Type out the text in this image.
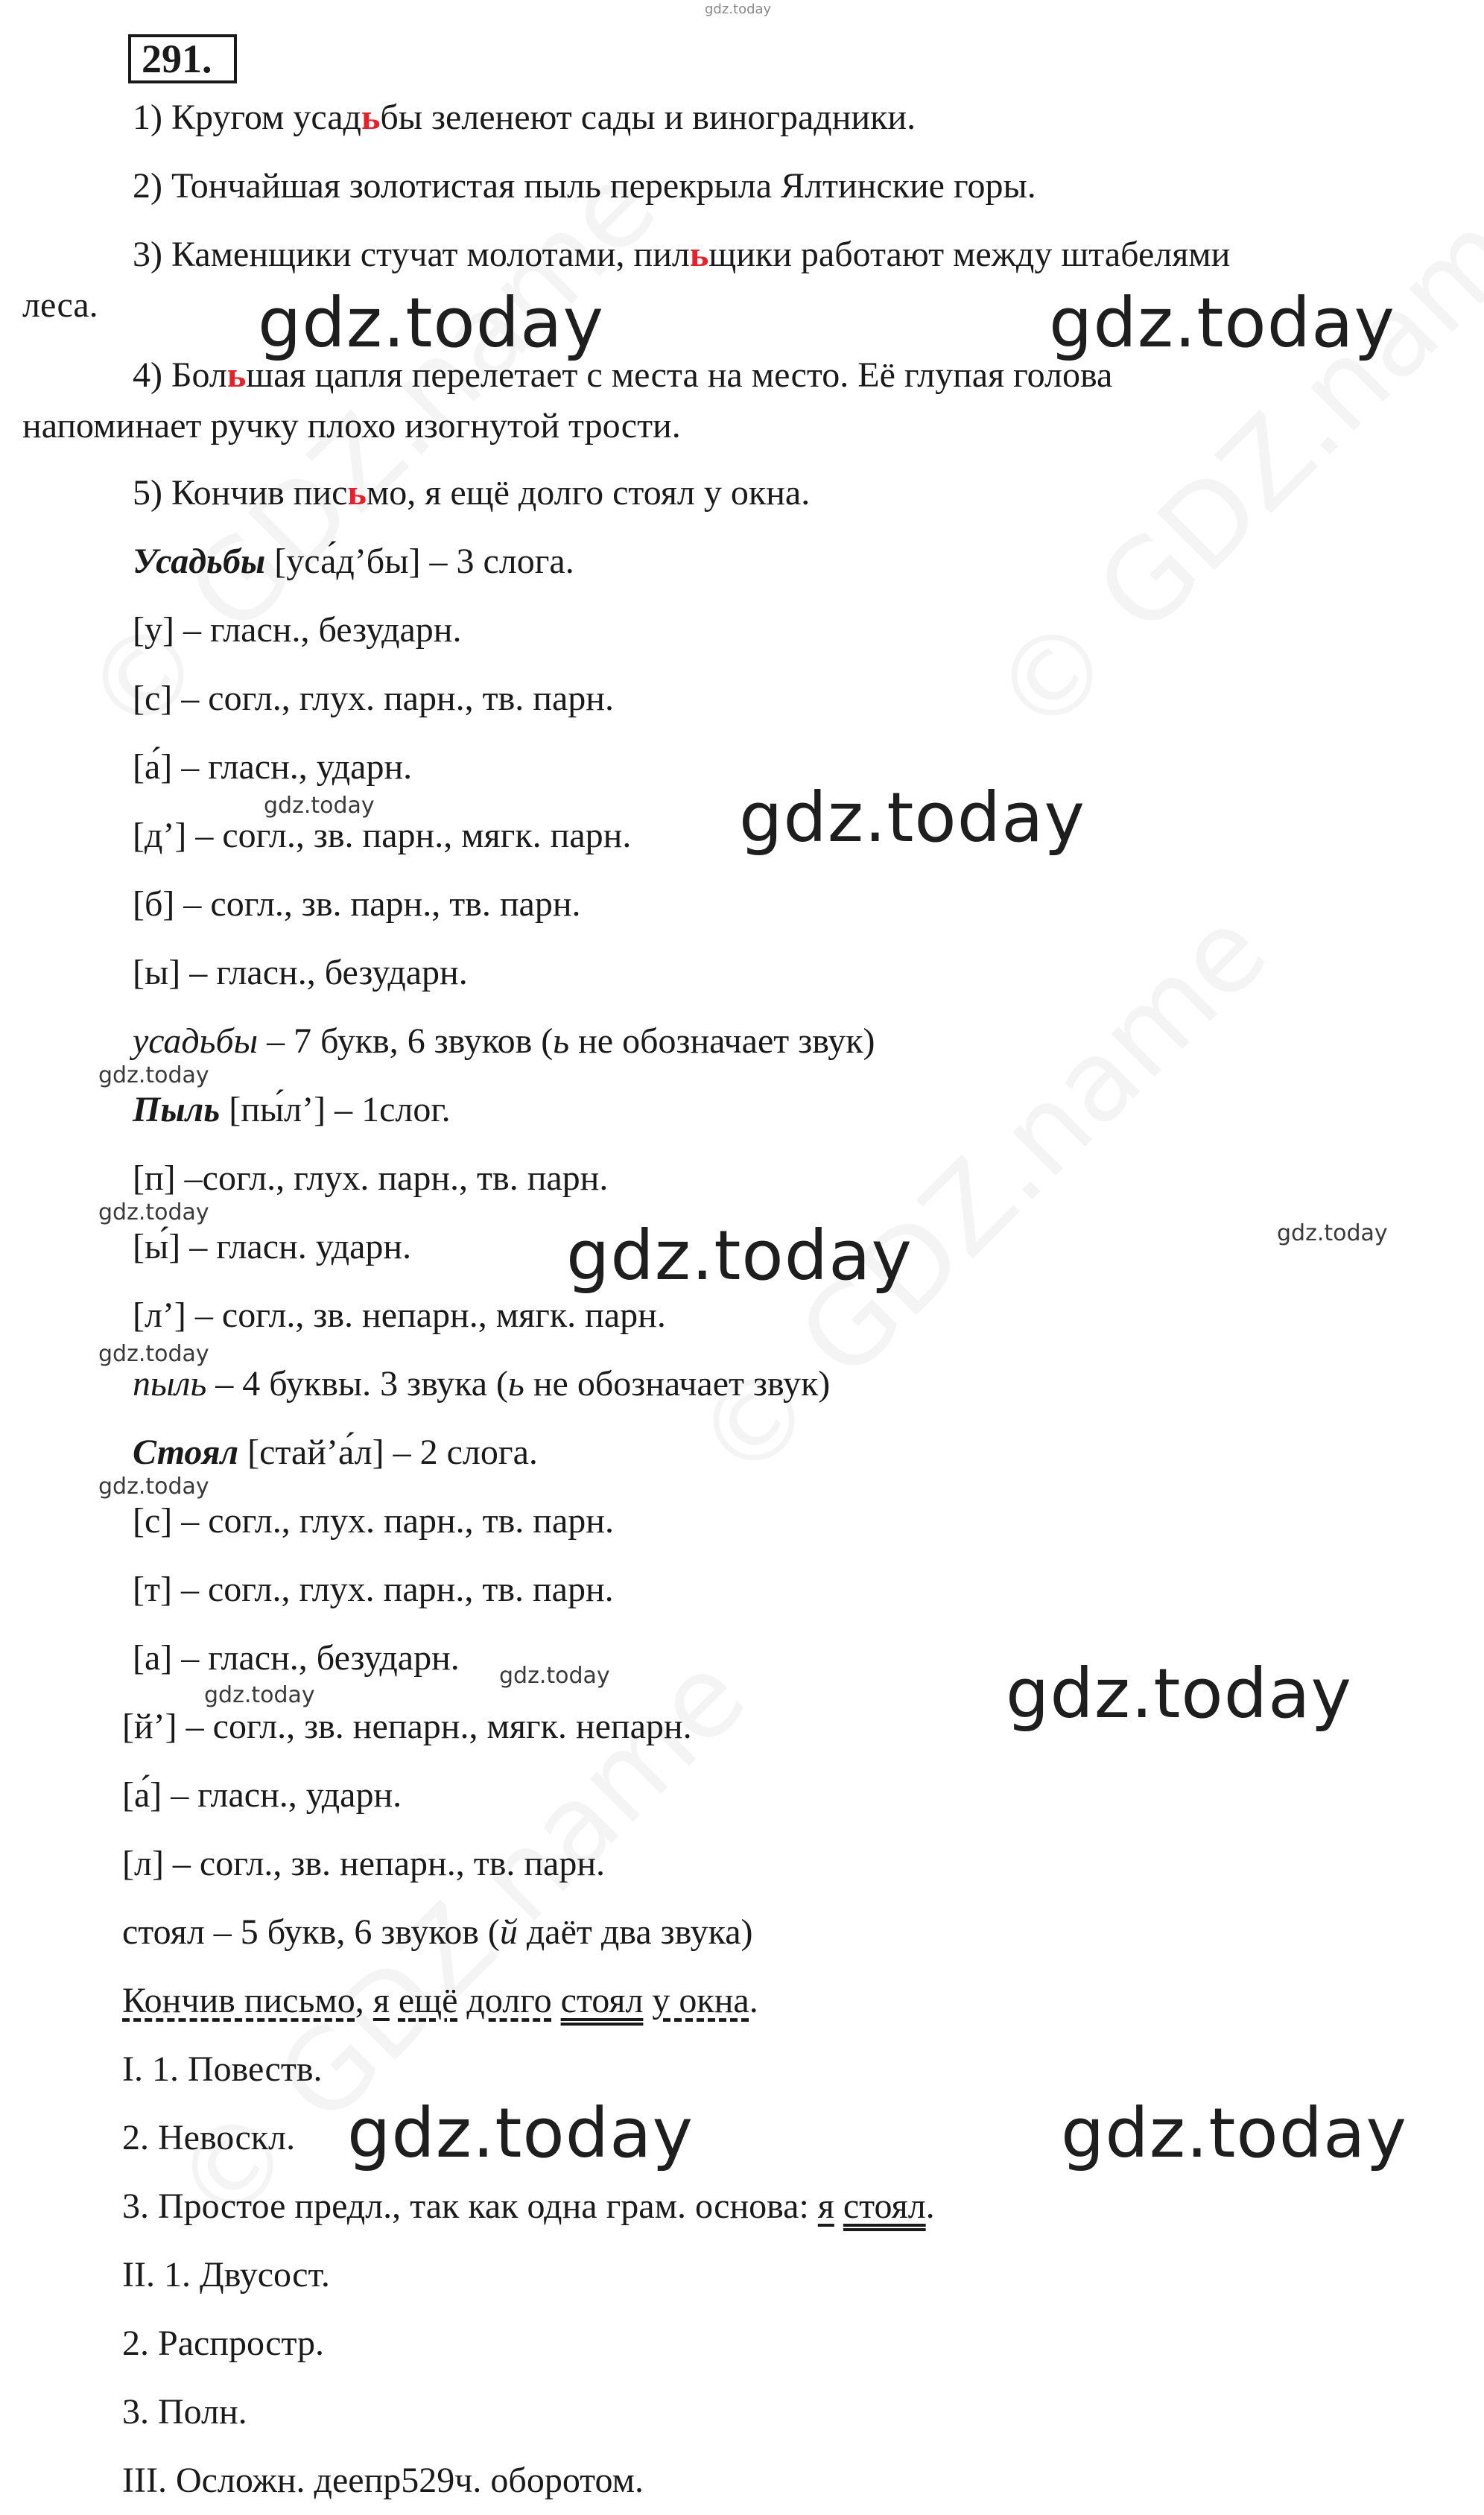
gdz.today
291.
1) Кругом усадьбы зеленеют сады и виноградники.
2) Тончайшая золотистая пыль перекрыла Ялтинские горы.
3) Каменщики стучат молотами, пильщики работают между штабелями
леса.
4) Большая цапля перелетает с места на место. Её глупая голова
напоминает ручку плохо изогнутой трости.
5) Кончив письмо, я ещё долго стоял у окна.
Усадьбы [уса́д’бы] – 3 слога.
[у] – гласн., безударн.
[с] – согл., глух. парн., тв. парн.
[а́] – гласн., ударн.
[д’] – согл., зв. парн., мягк. парн.
[б] – согл., зв. парн., тв. парн.
[ы] – гласн., безударн.
усадьбы – 7 букв, 6 звуков (ь не обозначает звук)
Пыль [пы́л’] – 1слог.
[п] –согл., глух. парн., тв. парн.
[ы́] – гласн. ударн.
[л’] – согл., зв. непарн., мягк. парн.
пыль – 4 буквы. 3 звука (ь не обозначает звук)
Стоял [стай’а́л] – 2 слога.
[с] – согл., глух. парн., тв. парн.
[т] – согл., глух. парн., тв. парн.
[а] – гласн., безударн.
[й’] – согл., зв. непарн., мягк. непарн.
[а́] – гласн., ударн.
[л] – согл., зв. непарн., тв. парн.
стоял – 5 букв, 6 звуков (й даёт два звука)
Кончив письмо, я ещё долго стоял у окна.
I. 1. Повеств.
2. Невоскл.
3. Простое предл., так как одна грам. основа: я стоял.
II. 1. Двусост.
2. Распростр.
3. Полн.
III. Осложн. деепр529ч. оборотом.
gdz.today	gdz.today
gdz.today
gdz.today
gdz.today
gdz.today	gdz.today
gdz.today
gdz.today
gdz.today
gdz.today
gdz.today
gdz.today
gdz.today
gdz.today
